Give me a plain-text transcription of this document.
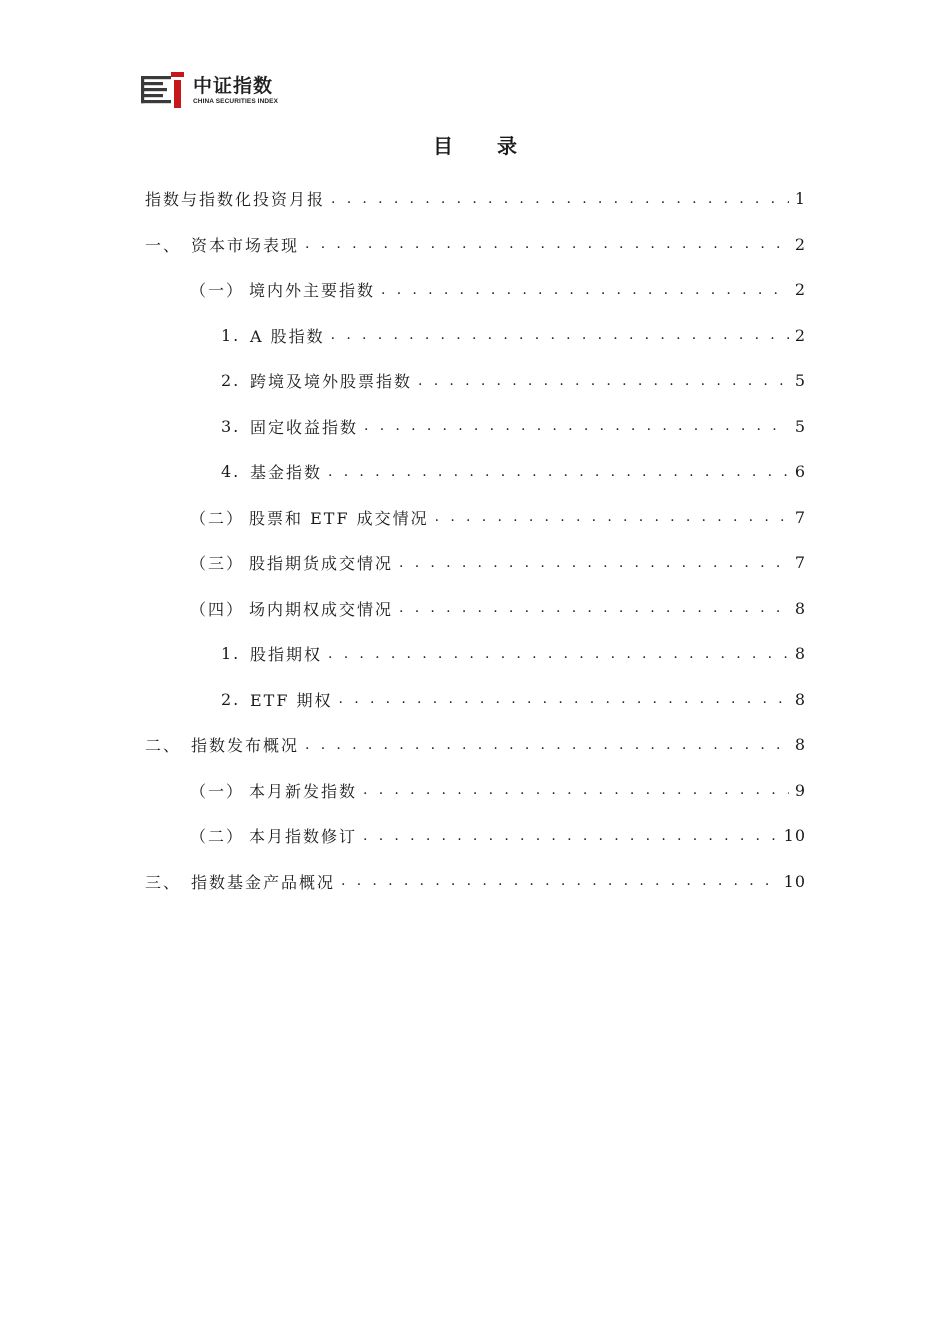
中证指数
CHINA SECURITIES INDEX
目录
指数与指数化投资月报 . . .	1
一、 资本市场表现 . . .	2
（一） 境内外主要指数 . . .	2
1. A 股指数 . . .	2
2. 跨境及境外股票指数 . . .	5
3. 固定收益指数 . . .	5
4. 基金指数 . . .	6
（二） 股票和 ETF 成交情况 . . .	7
（三） 股指期货成交情况 . . .	7
（四） 场内期权成交情况 . . .	8
1. 股指期权 . . .	8
2. ETF 期权 . . .	8
二、 指数发布概况 . . .	8
（一） 本月新发指数 . . .	9
（二） 本月指数修订 . . .	10
三、 指数基金产品概况 . . .	10
